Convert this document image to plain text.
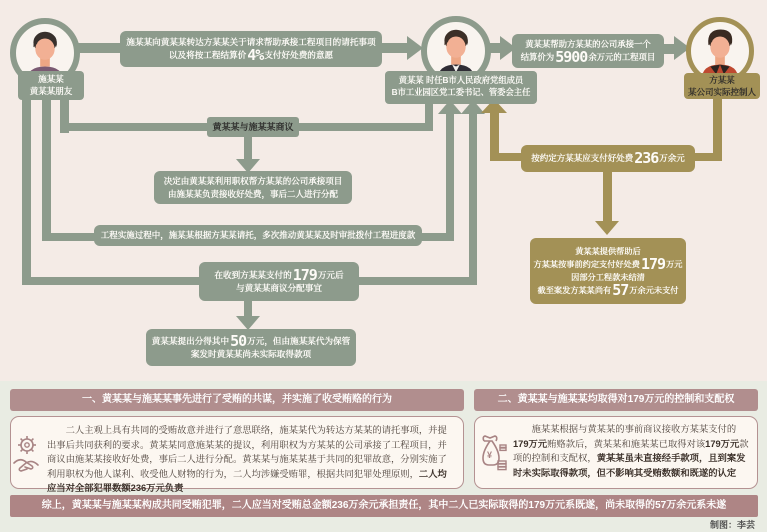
施某某
黄某某朋友
黄某某 时任B市人民政府党组成员
B市工业园区党工委书记、管委会主任
方某某
某公司实际控制人
施某某向黄某某转达方某某关于请求帮助承接工程项目的请托事项
以及将按工程结算价4%支付好处费的意愿
黄某某帮助方某某的公司承接一个
结算价为5900余万元的工程项目
黄某某与施某某商议
决定由黄某某利用职权帮方某某的公司承接项目
由施某某负责接收好处费，事后二人进行分配
工程实施过程中，施某某根据方某某请托，多次推动黄某某及时审批拨付工程进度款
在收到方某某支付的179万元后
与黄某某商议分配事宜
黄某某提出分得其中50万元，但由施某某代为保管
案发时黄某某尚未实际取得款项
按约定方某某应支付好处费236万余元
黄某某提供帮助后
方某某按事前约定支付好处费179万元
因部分工程款未结清
截至案发方某某尚有57万余元未支付
一、黄某某与施某某事先进行了受贿的共谋，并实施了收受贿赂的行为

二人主观上具有共同的受贿故意并进行了意思联络，施某某代为转达方某某的请托事项，并提出事后共同获利的要求。黄某某同意施某某的提议，利用职权为方某某的公司承接了工程项目，并商议由施某某接收好处费，事后二人进行分配。黄某某与施某某基于共同的犯罪故意，分别实施了利用职权为他人谋利、收受他人财物的行为，二人均涉嫌受贿罪，根据共同犯罪处理原则，二人均应当对全部犯罪数额236万元负责

二、黄某某与施某某均取得对179万元的控制和支配权

施某某根据与黄某某的事前商议接收方某某支付的179万元贿赂款后，黄某某和施某某已取得对该179万元款项的控制和支配权，黄某某虽未直接经手款项，且到案发时未实际取得款项，但不影响其受贿数额和既遂的认定

¥
综上，黄某某与施某某构成共同受贿犯罪，二人应当对受贿总金额236万余元承担责任，其中二人已实际取得的179万元系既遂，尚未取得的57万余元系未遂
制图：李芸
